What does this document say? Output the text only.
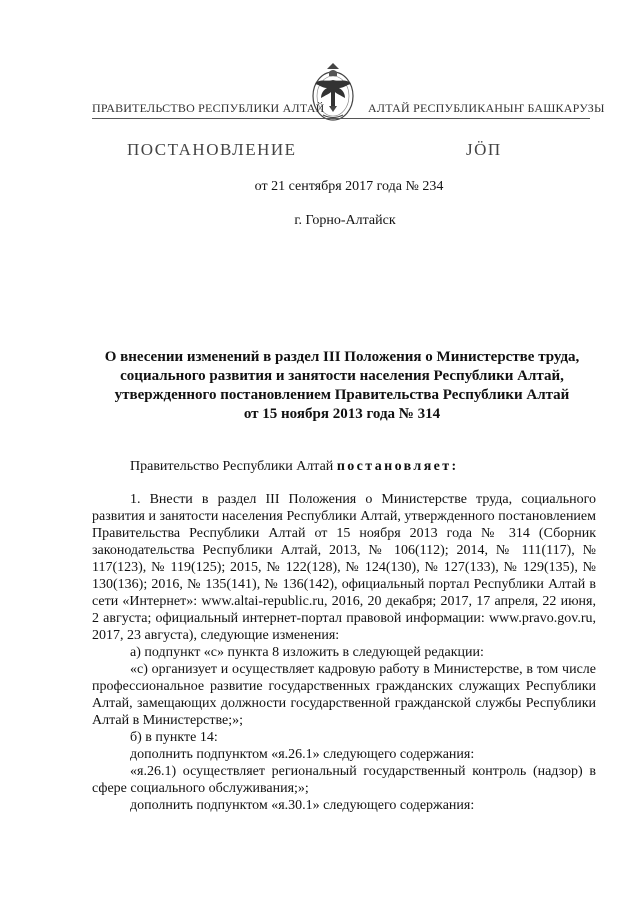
ПРАВИТЕЛЬСТВО РЕСПУБЛИКИ АЛТАЙ	АЛТАЙ РЕСПУБЛИКАНЫҤ БАШКАРУЗЫ
ПОСТАНОВЛЕНИЕ	ЈÖП
от 21 сентября 2017 года № 234
г. Горно-Алтайск
О внесении изменений в раздел III Положения о Министерстве труда,
социального развития и занятости населения Республики Алтай,
утвержденного постановлением Правительства Республики Алтай
от 15 ноября 2013 года № 314
Правительство Республики Алтай постановляет:

1. Внести в раздел III Положения о Министерстве труда, социального развития и занятости населения Республики Алтай, утвержденного постановлением Правительства Республики Алтай от 15 ноября 2013 года № 314 (Сборник законодательства Республики Алтай, 2013, № 106(112); 2014, № 111(117), № 117(123), № 119(125); 2015, № 122(128), № 124(130), № 127(133), № 129(135), № 130(136); 2016, № 135(141), № 136(142), официальный портал Республики Алтай в сети «Интернет»: www.altai-republic.ru, 2016, 20 декабря; 2017, 17 апреля, 22 июня, 2 августа; официальный интернет-портал правовой информации: www.pravo.gov.ru, 2017, 23 августа), следующие изменения:

а) подпункт «с» пункта 8 изложить в следующей редакции:

«с) организует и осуществляет кадровую работу в Министерстве, в том числе профессиональное развитие государственных гражданских служащих Республики Алтай, замещающих должности государственной гражданской службы Республики Алтай в Министерстве;»;

б) в пункте 14:

дополнить подпунктом «я.26.1» следующего содержания:

«я.26.1) осуществляет региональный государственный контроль (надзор) в сфере социального обслуживания;»;

дополнить подпунктом «я.30.1» следующего содержания:
